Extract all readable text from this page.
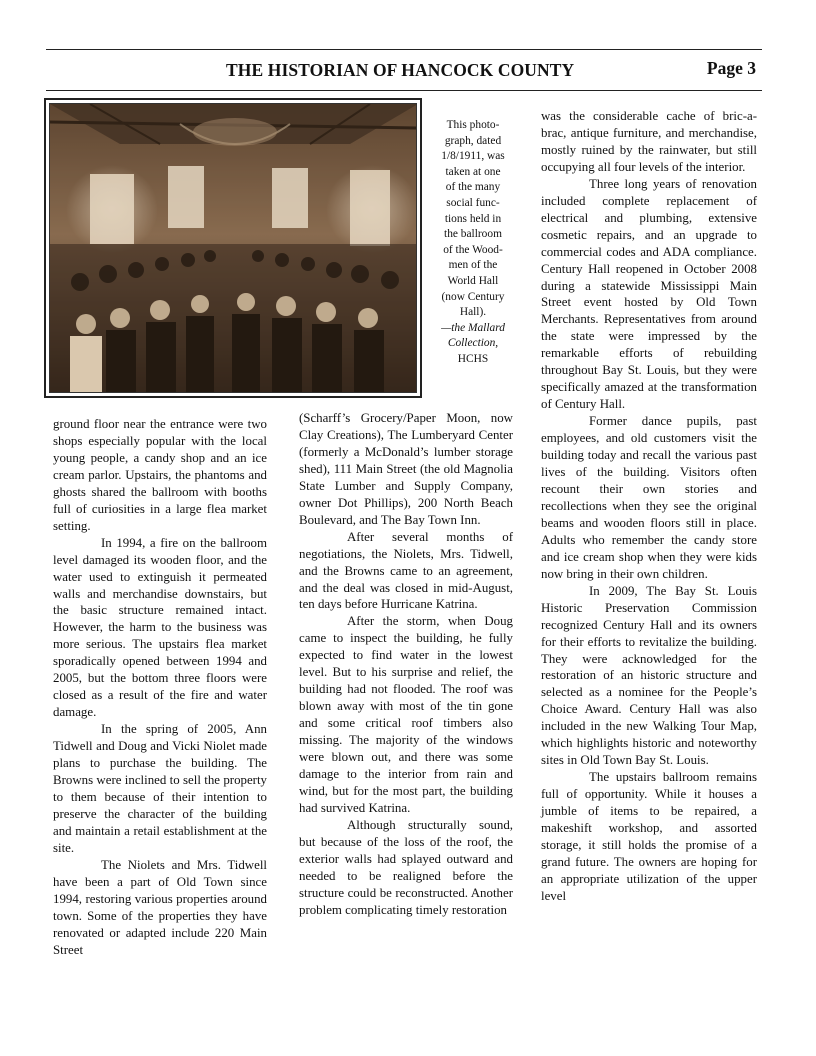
THE HISTORIAN OF HANCOCK COUNTY	Page 3
This photo-
graph, dated
1/8/1911, was
taken at one
of the many
social func-
tions held in
the ballroom
of the Wood-
men of the
World Hall
(now Century
Hall).
—the Mallard
Collection,
HCHS

ground floor near the entrance were two shops especially popular with the local young people, a candy shop and an ice cream parlor. Upstairs, the phantoms and ghosts shared the ballroom with booths full of curiosities in a large flea market setting.

In 1994, a fire on the ballroom level damaged its wooden floor, and the water used to extinguish it permeated walls and merchandise downstairs, but the basic structure remained intact. However, the harm to the business was more serious. The upstairs flea market sporadically opened between 1994 and 2005, but the bottom three floors were closed as a result of the fire and water damage.

In the spring of 2005, Ann Tidwell and Doug and Vicki Niolet made plans to purchase the building. The Browns were inclined to sell the property to them because of their intention to preserve the character of the building and maintain a retail establishment at the site.

The Niolets and Mrs. Tidwell have been a part of Old Town since 1994, restoring various properties around town. Some of the properties they have renovated or adapted include 220 Main Street

(Scharff’s Grocery/Paper Moon, now Clay Creations), The Lumberyard Center (formerly a McDonald’s lumber storage shed), 111 Main Street (the old Magnolia State Lumber and Supply Company, owner Dot Phillips), 200 North Beach Boulevard, and The Bay Town Inn.

After several months of negotiations, the Niolets, Mrs. Tidwell, and the Browns came to an agreement, and the deal was closed in mid-August, ten days before Hurricane Katrina.

After the storm, when Doug came to inspect the building, he fully expected to find water in the lowest level. But to his surprise and relief, the building had not flooded. The roof was blown away with most of the tin gone and some critical roof timbers also missing. The majority of the windows were blown out, and there was some damage to the interior from rain and wind, but for the most part, the building had survived Katrina.

Although structurally sound, but because of the loss of the roof, the exterior walls had splayed outward and needed to be realigned before the structure could be reconstructed. Another problem complicating timely restoration

was the considerable cache of bric-a-brac, antique furniture, and merchandise, mostly ruined by the rainwater, but still occupying all four levels of the interior.

Three long years of renovation included complete replacement of electrical and plumbing, extensive cosmetic repairs, and an upgrade to commercial codes and ADA compliance. Century Hall reopened in October 2008 during a statewide Mississippi Main Street event hosted by Old Town Merchants. Representatives from around the state were impressed by the remarkable efforts of rebuilding throughout Bay St. Louis, but they were specifically amazed at the transformation of Century Hall.

Former dance pupils, past employees, and old customers visit the building today and recall the various past lives of the building. Visitors often recount their own stories and recollections when they see the original beams and wooden floors still in place. Adults who remember the candy store and ice cream shop when they were kids now bring in their own children.

In 2009, The Bay St. Louis Historic Preservation Commission recognized Century Hall and its owners for their efforts to revitalize the building. They were acknowledged for the restoration of an historic structure and selected as a nominee for the People’s Choice Award. Century Hall was also included in the new Walking Tour Map, which highlights historic and noteworthy sites in Old Town Bay St. Louis.

The upstairs ballroom remains full of opportunity. While it houses a jumble of items to be repaired, a makeshift workshop, and assorted storage, it still holds the promise of a grand future. The owners are hoping for an appropriate utilization of the upper level
